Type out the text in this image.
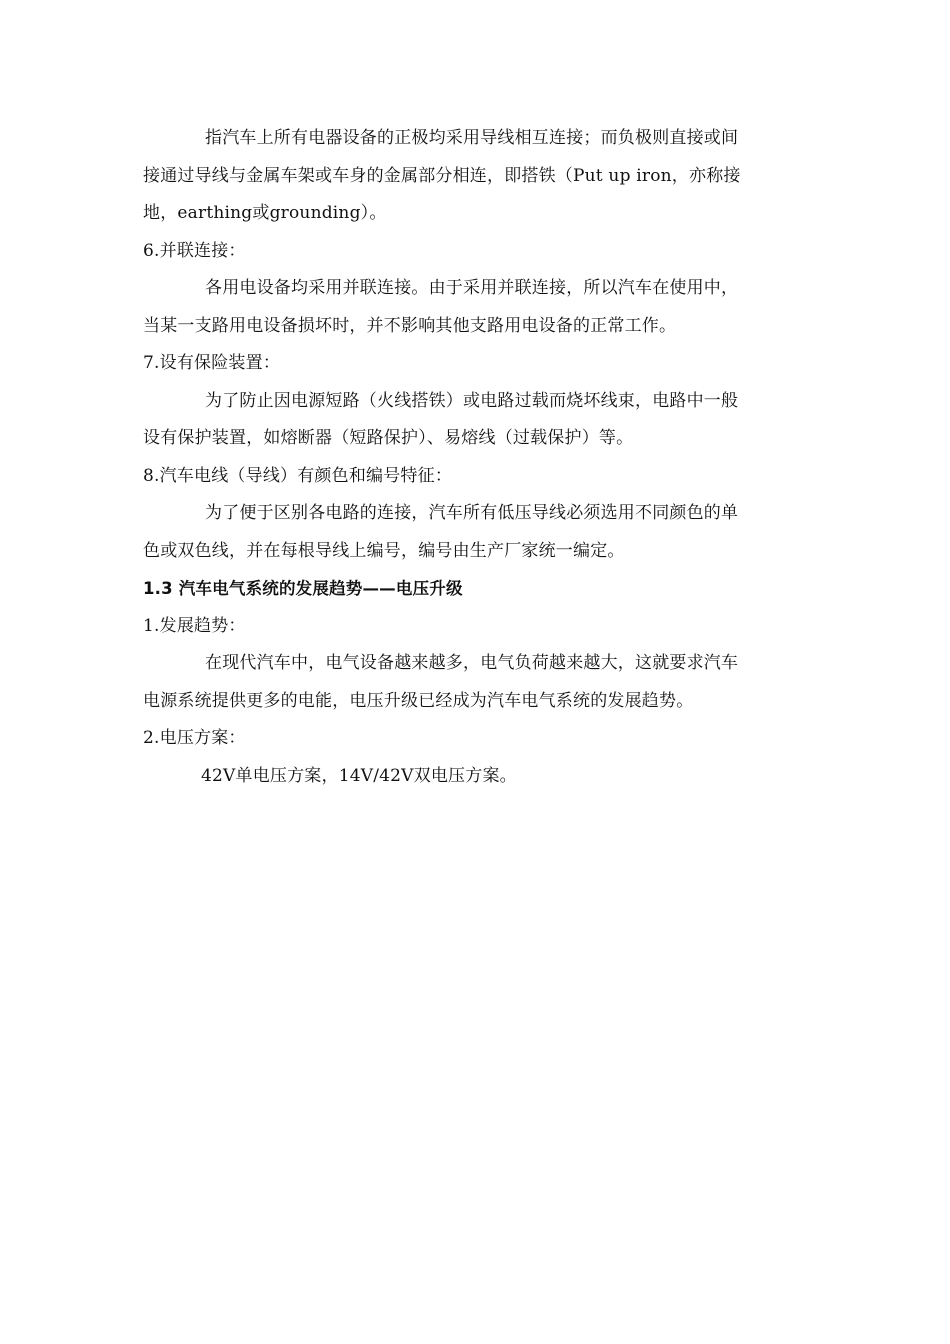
指汽车上所有电器设备的正极均采用导线相互连接；而负极则直接或间
接通过导线与金属车架或车身的金属部分相连，即搭铁（Put up iron，亦称接
地，earthing或grounding）。
6.并联连接：
各用电设备均采用并联连接。由于采用并联连接，所以汽车在使用中，
当某一支路用电设备损坏时，并不影响其他支路用电设备的正常工作。
7.设有保险装置：
为了防止因电源短路（火线搭铁）或电路过载而烧坏线束，电路中一般
设有保护装置，如熔断器（短路保护）、易熔线（过载保护）等。
8.汽车电线（导线）有颜色和编号特征：
为了便于区别各电路的连接，汽车所有低压导线必须选用不同颜色的单
色或双色线，并在每根导线上编号，编号由生产厂家统一编定。
1.3 汽车电气系统的发展趋势——电压升级
1.发展趋势：
在现代汽车中，电气设备越来越多，电气负荷越来越大，这就要求汽车
电源系统提供更多的电能，电压升级已经成为汽车电气系统的发展趋势。
2.电压方案：
42V单电压方案，14V/42V双电压方案。
